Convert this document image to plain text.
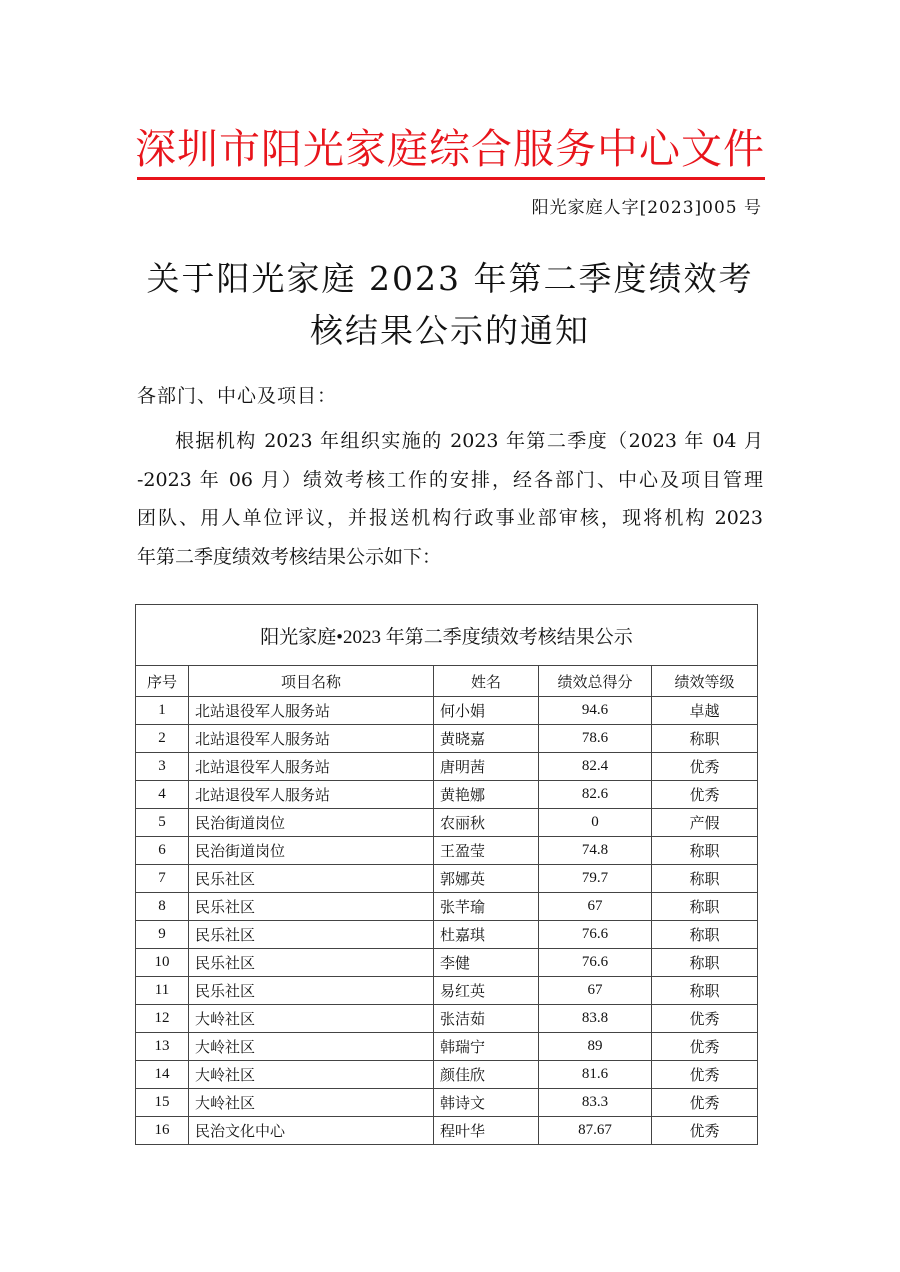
深圳市阳光家庭综合服务中心文件
阳光家庭人字[2023]005 号
关于阳光家庭 2023 年第二季度绩效考
核结果公示的通知
各部门、中心及项目：
根据机构 2023 年组织实施的 2023 年第二季度（2023 年 04 月
-2023 年 06 月）绩效考核工作的安排，经各部门、中心及项目管理
团队、用人单位评议，并报送机构行政事业部审核，现将机构 2023
年第二季度绩效考核结果公示如下：
阳光家庭•2023 年第二季度绩效考核结果公示				
序号	项目名称	姓名	绩效总得分	绩效等级
1	北站退役军人服务站	何小娟	94.6	卓越
2	北站退役军人服务站	黄晓嘉	78.6	称职
3	北站退役军人服务站	唐明茜	82.4	优秀
4	北站退役军人服务站	黄艳娜	82.6	优秀
5	民治街道岗位	农丽秋	0	产假
6	民治街道岗位	王盈莹	74.8	称职
7	民乐社区	郭娜英	79.7	称职
8	民乐社区	张芊瑜	67	称职
9	民乐社区	杜嘉琪	76.6	称职
10	民乐社区	李健	76.6	称职
11	民乐社区	易红英	67	称职
12	大岭社区	张洁茹	83.8	优秀
13	大岭社区	韩瑞宁	89	优秀
14	大岭社区	颜佳欣	81.6	优秀
15	大岭社区	韩诗文	83.3	优秀
16	民治文化中心	程叶华	87.67	优秀
